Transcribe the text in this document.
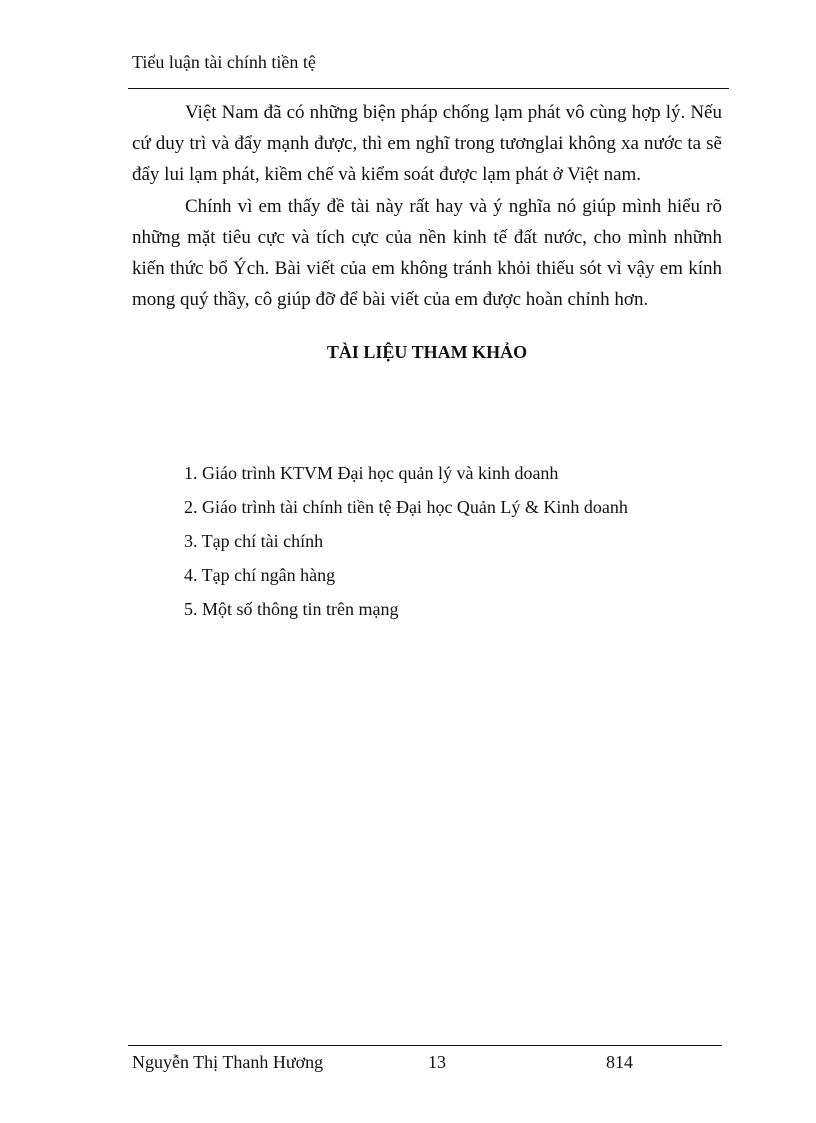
Tiểu luận tài chính tiền tệ

Việt Nam đã có những biện pháp chống lạm phát vô cùng hợp lý. Nếu cứ duy trì và đẩy mạnh được, thì em nghĩ trong tươnglai không xa nước ta sẽ đẩy lui lạm phát, kiềm chế và kiểm soát được lạm phát ở Việt nam.

Chính vì em thấy đề tài này rất hay và ý nghĩa nó giúp mình hiểu rõ những mặt tiêu cực và tích cực của nền kinh tế đất nước, cho mình nhữnh kiến thức bổ Ých. Bài viết của em không tránh khỏi thiếu sót vì vậy em kính mong quý thầy, cô giúp đỡ để bài viết của em được hoàn chỉnh hơn.

TÀI LIỆU THAM KHẢO
1. Giáo trình KTVM Đại học quản lý và kinh doanh
2. Giáo trình tài chính tiền tệ Đại học Quản Lý & Kinh doanh
3. Tạp chí tài chính
4. Tạp chí ngân hàng
5. Một số thông tin trên mạng
Nguyễn Thị Thanh Hương	13	814
